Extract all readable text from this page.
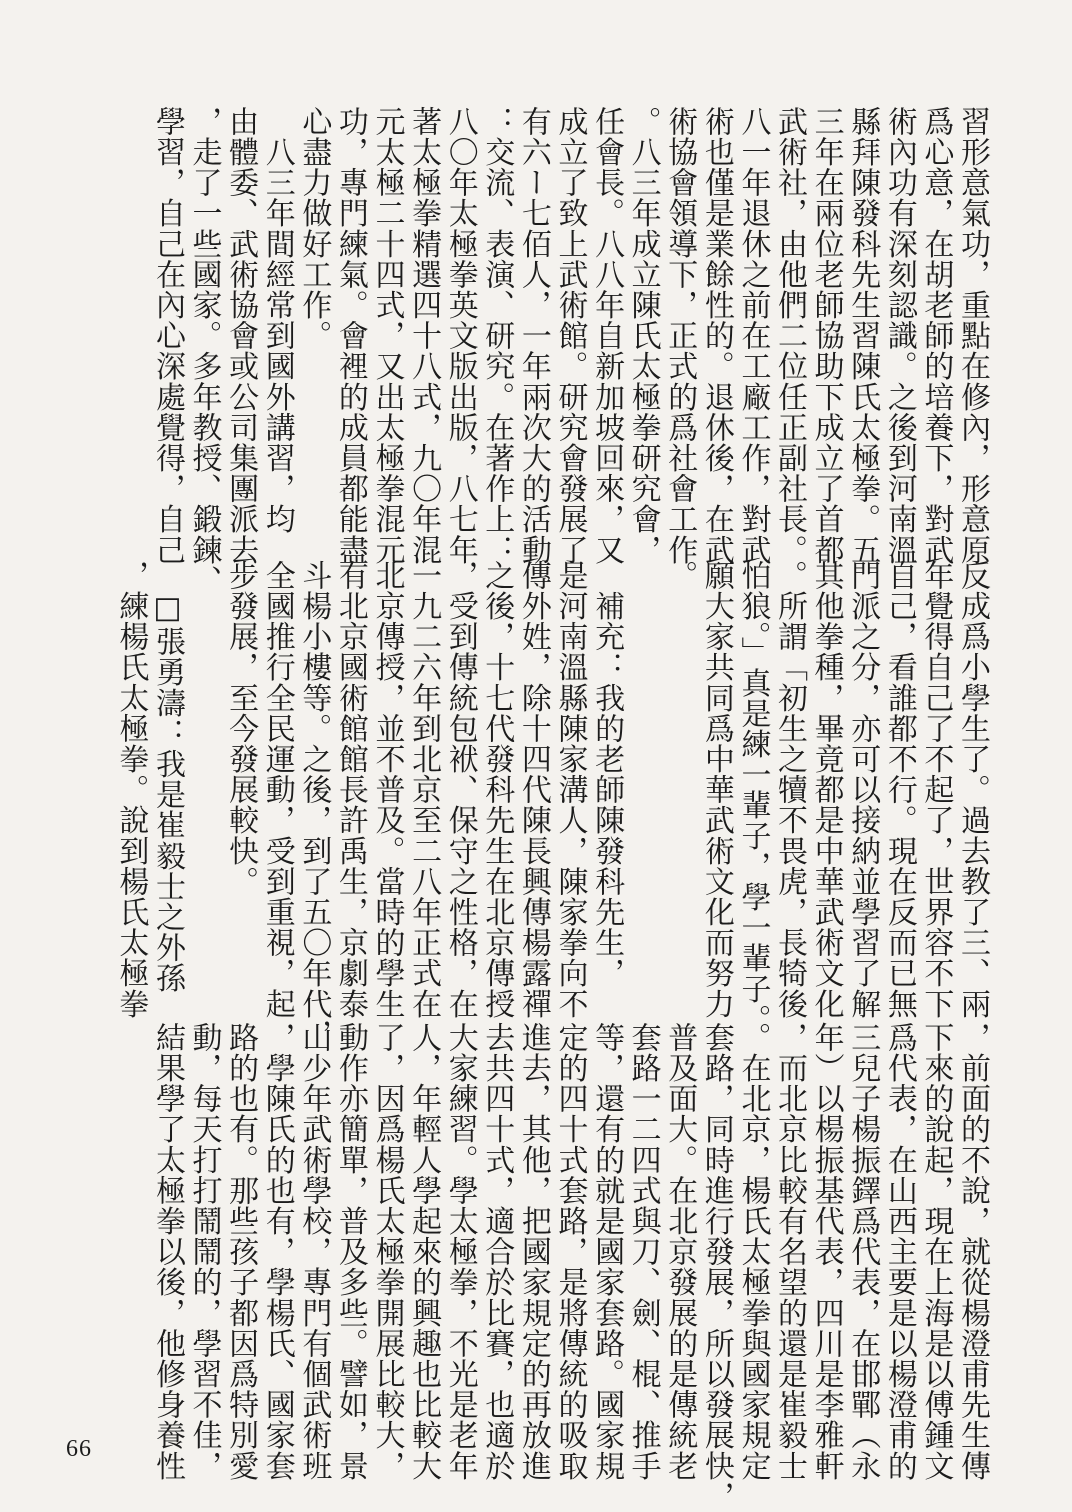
習形意氣功，重點在修內，形意原
爲心意，在胡老師的培養下，對武
術內功有深刻認識。之後到河南溫
縣拜陳發科先生習陳氏太極拳。五
三年在兩位老師協助下成立了首都
武術社，由他們二位任正副社長。
八一年退休之前在工廠工作，對武
術也僅是業餘性的。退休後，在武
術協會領導下，正式的爲社會工作
。八三年成立陳氏太極拳研究會，
任會長。八八年自新加坡回來，又
成立了致上武術館。研究會發展了
有六ー七佰人，一年兩次大的活動
：交流、表演、研究。在著作上：
八〇年太極拳英文版出版，八七年
著太極拳精選四十八式，九〇年混
元太極二十四式，又出太極拳混元
功，專門練氣。會裡的成員都能盡
心盡力做好工作。
　八三年間經常到國外講習，均
由體委、武術協會或公司集團派去
，走了一些國家。多年教授、鍛鍊、
學習，自己在內心深處覺得，自己
反成爲小學生了。過去教了三、兩
年覺得自己了不起了，世界容不下
自己，看誰都不行。現在反而已無
門派之分，亦可以接納並學習了解
其他拳種，畢竟都是中華武術文化
。所謂「初生之犢不畏虎，長犄後
怕狼。」真是練一輩子，學一輩子。
願大家共同爲中華武術文化而努力
。

　補充：我的老師陳發科先生，
是河南溫縣陳家溝人，陳家拳向不
傳外姓，除十四代陳長興傳楊露禪
之後，十七代發科先生在北京傳授
，受到傳統包袱、保守之性格，在
一九二六年到北京至二八年正式在
北京傳授，並不普及。當時的學生
有北京國術館館長許禹生，京劇泰
斗楊小樓等。之後，到了五〇年代，
全國推行全民運動，受到重視，起
步發展，至今發展較快。

　□張勇濤：我是崔毅士之外孫
，練楊氏太極拳。說到楊氏太極拳
，前面的不說，就從楊澄甫先生傳
下來的說起，現在上海是以傅鍾文
爲代表，在山西主要是以楊澄甫的
三兒子楊振鐸爲代表，在邯鄲（永
年）以楊振基代表，四川是李雅軒
，而北京比較有名望的還是崔毅士
。在北京，楊氏太極拳與國家規定
套路，同時進行發展，所以發展快，
普及面大。在北京發展的是傳統老
套路一二四式與刀、劍、棍、推手
等，還有的就是國家套路。國家規
定的四十式套路，是將傳統的吸取
進去，其他，把國家規定的再放進
去共四十式，適合於比賽，也適於
大家練習。學太極拳，不光是老年
人，年輕人學起來的興趣也比較大
了，因爲楊氏太極拳開展比較大，
動作亦簡單，普及多些。譬如，景
山少年武術學校，專門有個武術班
，學陳氏的也有，學楊氏、國家套
路的也有。那些孩子都因爲特別愛
動，每天打打鬧鬧的，學習不佳，
結果學了太極拳以後，他修身養性
66
